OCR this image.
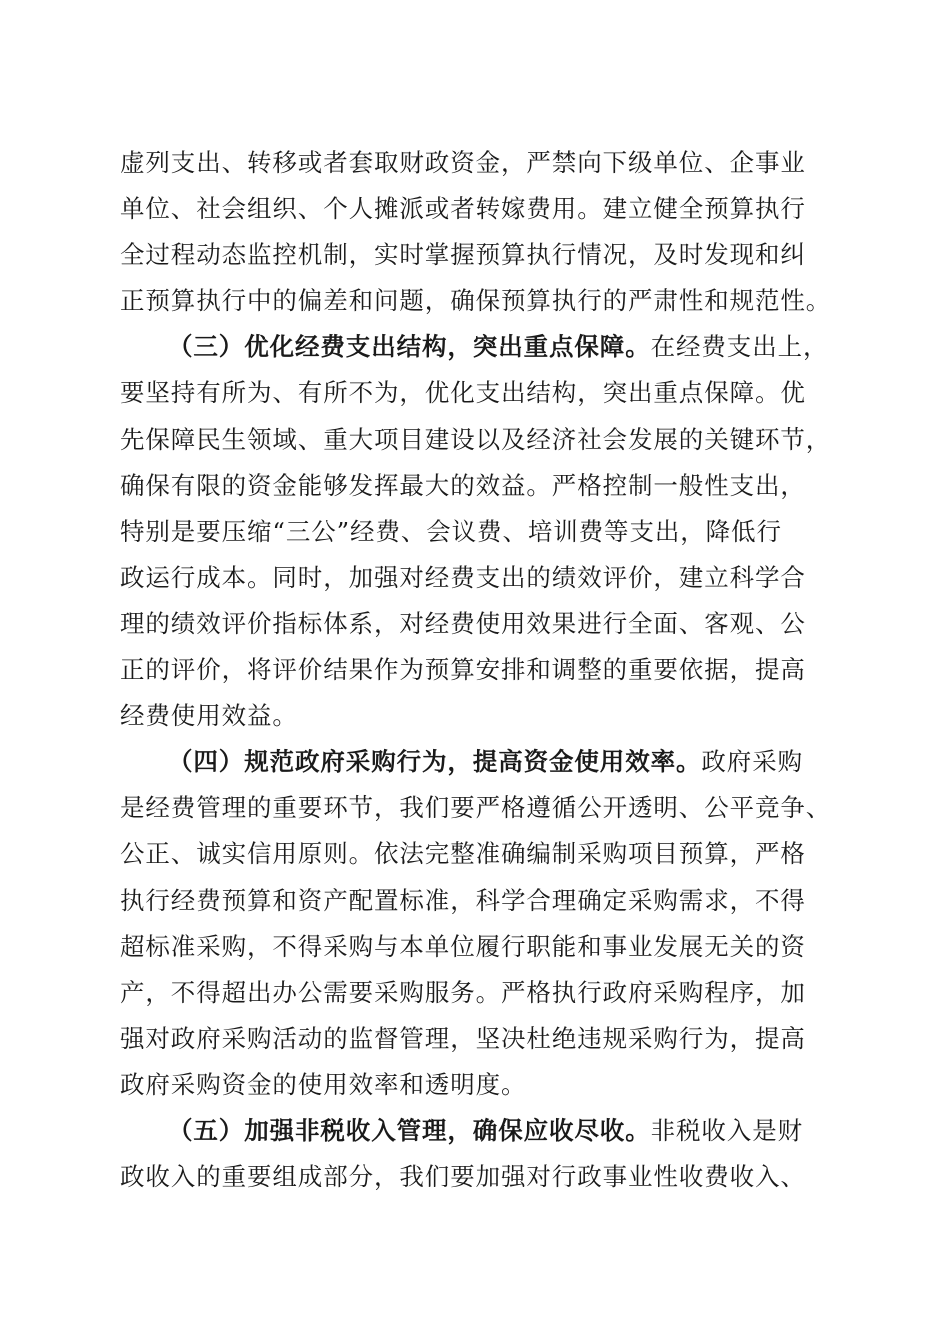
虚列支出、转移或者套取财政资金，严禁向下级单位、企事业
单位、社会组织、个人摊派或者转嫁费用。建立健全预算执行
全过程动态监控机制，实时掌握预算执行情况，及时发现和纠
正预算执行中的偏差和问题，确保预算执行的严肃性和规范性。
（三）优化经费支出结构，突出重点保障。在经费支出上，
要坚持有所为、有所不为，优化支出结构，突出重点保障。优
先保障民生领域、重大项目建设以及经济社会发展的关键环节，
确保有限的资金能够发挥最大的效益。严格控制一般性支出，
特别是要压缩“三公”经费、会议费、培训费等支出，降低行
政运行成本。同时，加强对经费支出的绩效评价，建立科学合
理的绩效评价指标体系，对经费使用效果进行全面、客观、公
正的评价，将评价结果作为预算安排和调整的重要依据，提高
经费使用效益。
（四）规范政府采购行为，提高资金使用效率。政府采购
是经费管理的重要环节，我们要严格遵循公开透明、公平竞争、
公正、诚实信用原则。依法完整准确编制采购项目预算，严格
执行经费预算和资产配置标准，科学合理确定采购需求，不得
超标准采购，不得采购与本单位履行职能和事业发展无关的资
产，不得超出办公需要采购服务。严格执行政府采购程序，加
强对政府采购活动的监督管理，坚决杜绝违规采购行为，提高
政府采购资金的使用效率和透明度。
（五）加强非税收入管理，确保应收尽收。非税收入是财
政收入的重要组成部分，我们要加强对行政事业性收费收入、
